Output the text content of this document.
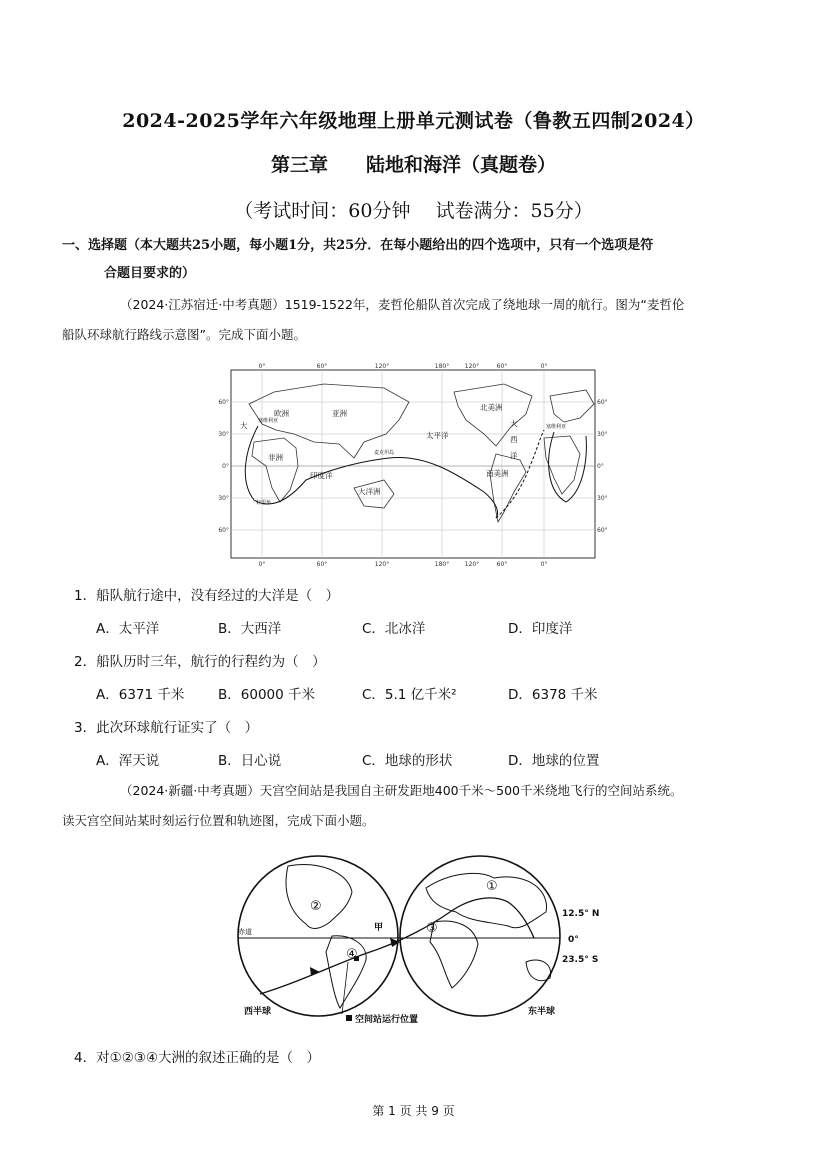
2024-2025学年六年级地理上册单元测试卷（鲁教五四制2024）
第三章　　陆地和海洋（真题卷）
（考试时间：60分钟　 试卷满分：55分）
一、选择题（本大题共25小题，每小题1分，共25分．在每小题给出的四个选项中，只有一个选项是符
合题目要求的）
（2024·江苏宿迁·中考真题）1519-1522年，麦哲伦船队首次完成了绕地球一周的航行。图为“麦哲伦
船队环球航行路线示意图”。完成下面小题。
0°	60°	120°	180°	120°	60°	0°
0°	60°	120°	180°	120°	60°	0°
60°
30°
0°
30°
60°
60°
30°
0°
30°
60°
欧洲	亚洲
北美洲
太平洋
大
西
洋
大
非洲
印度洋
大洋洲
南美洲
塞维利亚
塞维利亚
麦克坦岛
好望角
1．船队航行途中，没有经过的大洋是（　）
A．太平洋	B．大西洋	C．北冰洋	D．印度洋
2．船队历时三年，航行的行程约为（　）
A．6371 千米 B．60000 千米	C．5.1 亿千米²	D．6378 千米
3．此次环球航行证实了（　）
A．浑天说	B．日心说	C．地球的形状	D．地球的位置
（2024·新疆·中考真题）天宫空间站是我国自主研发距地400千米～500千米绕地飞行的空间站系统。
读天宫空间站某时刻运行位置和轨迹图，完成下面小题。
②
④
③
①
甲
赤道
12.5° N
0°
23.5° S
西半球	东半球
空间站运行位置
4．对①②③④大洲的叙述正确的是（　）
第 1 页 共 9 页
